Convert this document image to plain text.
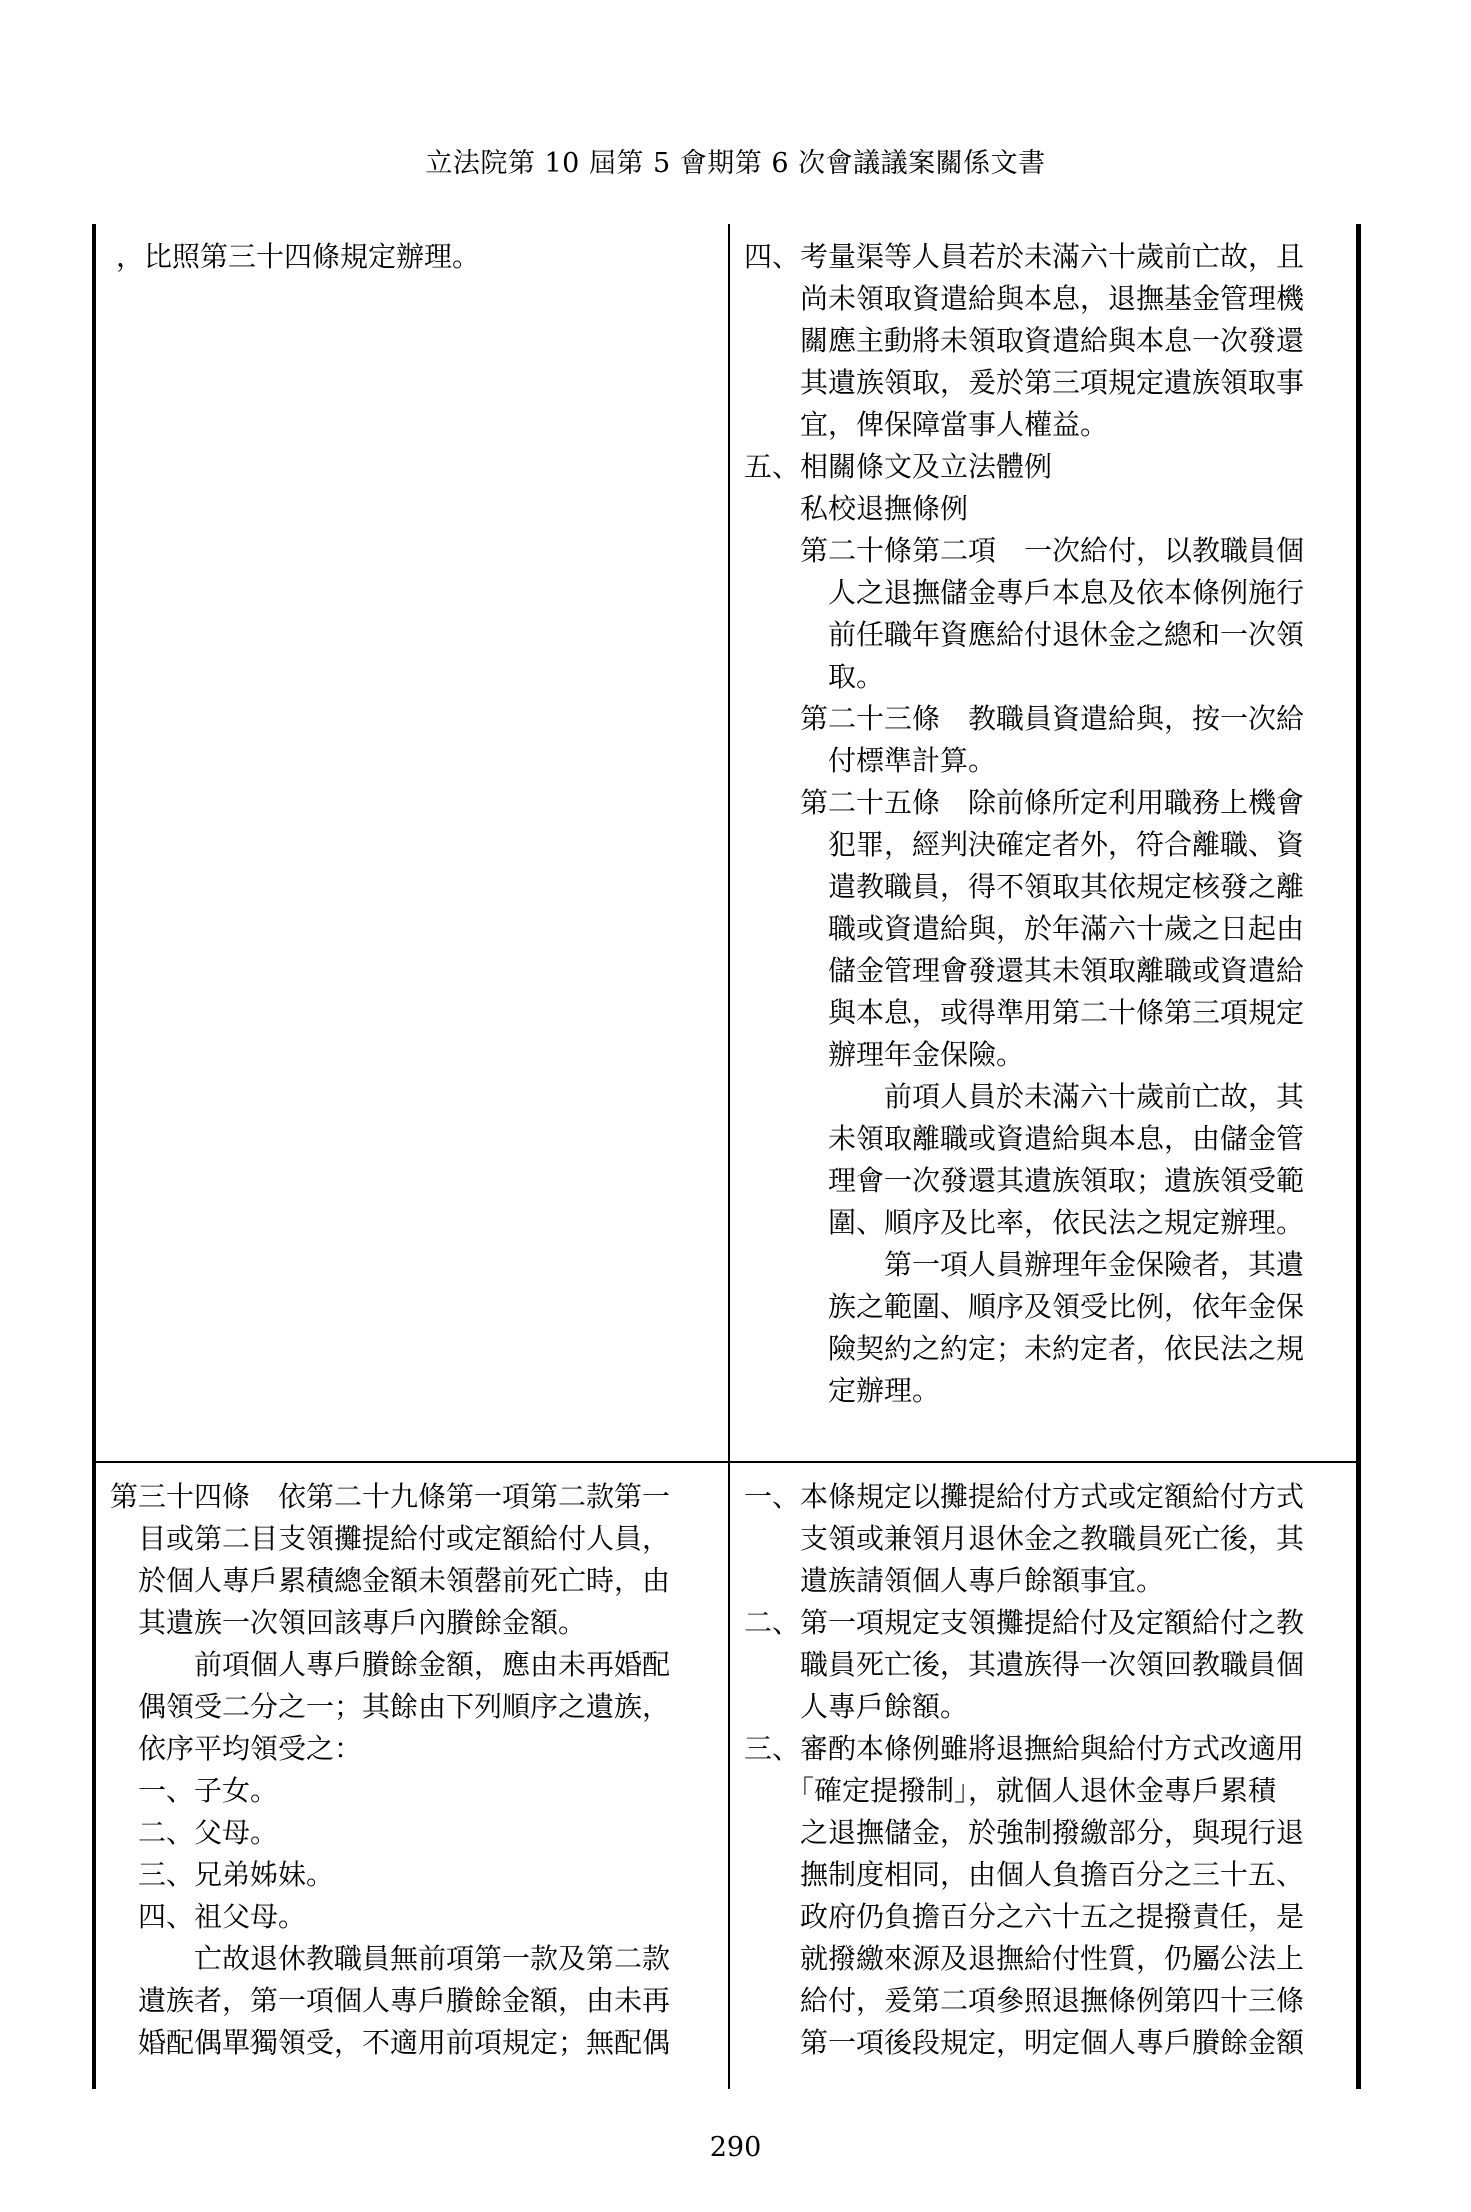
立法院第 10 屆第 5 會期第 6 次會議議案關係文書
，比照第三十四條規定辦理。	四、考量渠等人員若於未滿六十歲前亡故，且
　　尚未領取資遣給與本息，退撫基金管理機
　　關應主動將未領取資遣給與本息一次發還
　　其遺族領取，爰於第三項規定遺族領取事
　　宜，俾保障當事人權益。
五、相關條文及立法體例
　　私校退撫條例
　　第二十條第二項　一次給付，以教職員個
　　　人之退撫儲金專戶本息及依本條例施行
　　　前任職年資應給付退休金之總和一次領
　　　取。
　　第二十三條　教職員資遣給與，按一次給
　　　付標準計算。
　　第二十五條　除前條所定利用職務上機會
　　　犯罪，經判決確定者外，符合離職、資
　　　遣教職員，得不領取其依規定核發之離
　　　職或資遣給與，於年滿六十歲之日起由
　　　儲金管理會發還其未領取離職或資遣給
　　　與本息，或得準用第二十條第三項規定
　　　辦理年金保險。
　　　　　前項人員於未滿六十歲前亡故，其
　　　未領取離職或資遣給與本息，由儲金管
　　　理會一次發還其遺族領取；遺族領受範
　　　圍、順序及比率，依民法之規定辦理。
　　　　　第一項人員辦理年金保險者，其遺
　　　族之範圍、順序及領受比例，依年金保
　　　險契約之約定；未約定者，依民法之規
　　　定辦理。
第三十四條　依第二十九條第一項第二款第一
　目或第二目支領攤提給付或定額給付人員，
　於個人專戶累積總金額未領罄前死亡時，由
　其遺族一次領回該專戶內賸餘金額。
　　　前項個人專戶賸餘金額，應由未再婚配
　偶領受二分之一；其餘由下列順序之遺族，
　依序平均領受之：
　一、子女。
　二、父母。
　三、兄弟姊妹。
　四、祖父母。
　　　亡故退休教職員無前項第一款及第二款
　遺族者，第一項個人專戶賸餘金額，由未再
　婚配偶單獨領受，不適用前項規定；無配偶
一、本條規定以攤提給付方式或定額給付方式
　　支領或兼領月退休金之教職員死亡後，其
　　遺族請領個人專戶餘額事宜。
二、第一項規定支領攤提給付及定額給付之教
　　職員死亡後，其遺族得一次領回教職員個
　　人專戶餘額。
三、審酌本條例雖將退撫給與給付方式改適用
　　「確定提撥制」，就個人退休金專戶累積
　　之退撫儲金，於強制撥繳部分，與現行退
　　撫制度相同，由個人負擔百分之三十五、
　　政府仍負擔百分之六十五之提撥責任，是
　　就撥繳來源及退撫給付性質，仍屬公法上
　　給付，爰第二項參照退撫條例第四十三條
　　第一項後段規定，明定個人專戶賸餘金額
290
